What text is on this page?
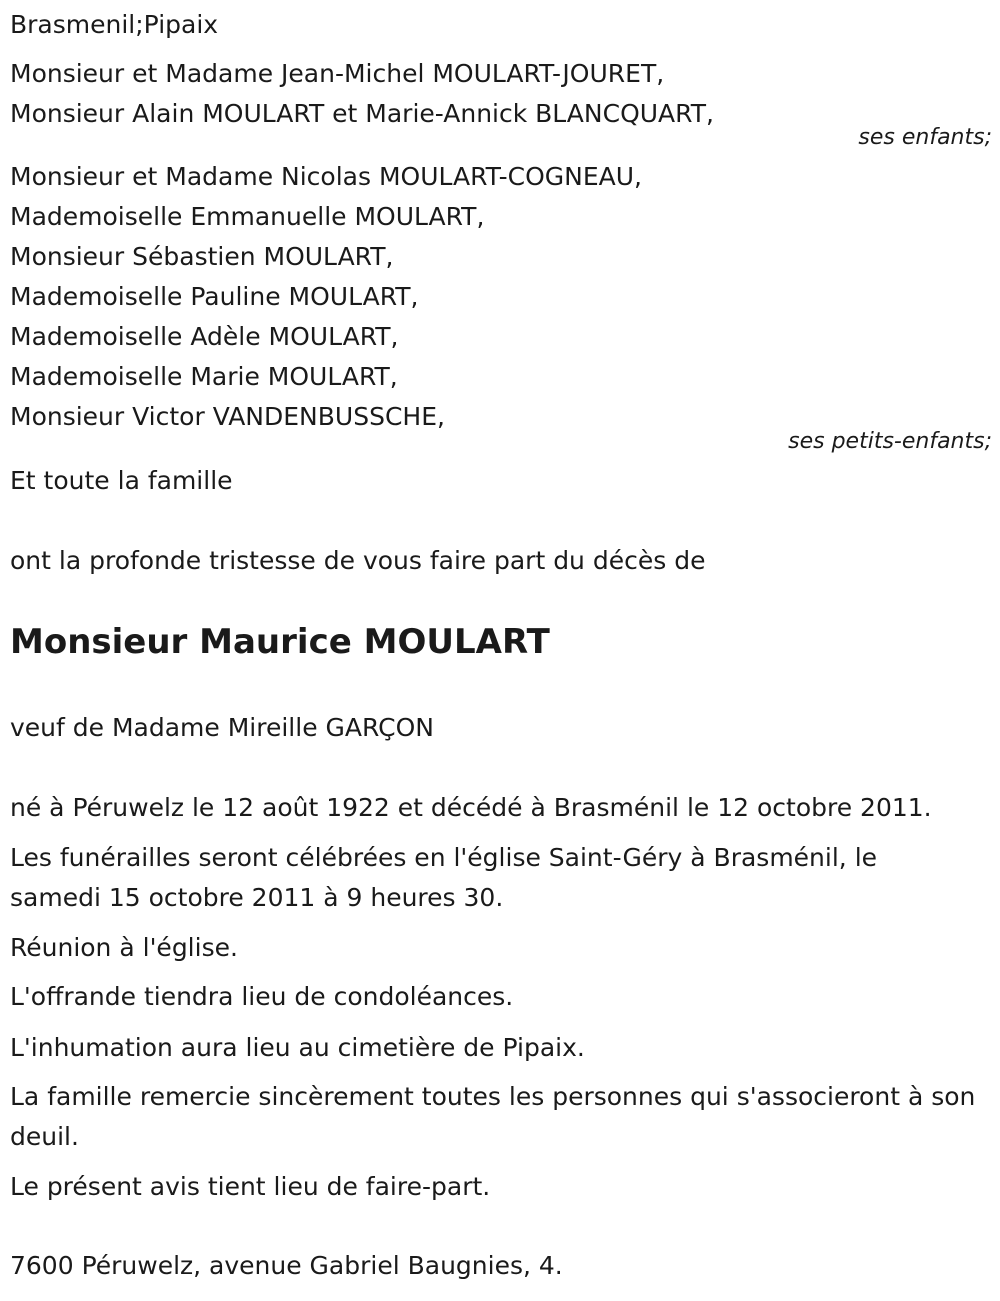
Brasmenil;Pipaix

Monsieur et Madame Jean-Michel MOULART-JOURET,

Monsieur Alain MOULART et Marie-Annick BLANCQUART,

ses enfants;

Monsieur et Madame Nicolas MOULART-COGNEAU,

Mademoiselle Emmanuelle MOULART,

Monsieur Sébastien MOULART,

Mademoiselle Pauline MOULART,

Mademoiselle Adèle MOULART,

Mademoiselle Marie MOULART,

Monsieur Victor VANDENBUSSCHE,

ses petits-enfants;

Et toute la famille

ont la profonde tristesse de vous faire part du décès de

Monsieur Maurice MOULART

veuf de Madame Mireille GARÇON

né à Péruwelz le 12 août 1922 et décédé à Brasménil le 12 octobre 2011.

Les funérailles seront célébrées en l'église Saint-Géry à Brasménil, le samedi 15 octobre 2011 à 9 heures 30.

Réunion à l'église.

L'offrande tiendra lieu de condoléances.

L'inhumation aura lieu au cimetière de Pipaix.

La famille remercie sincèrement toutes les personnes qui s'associeront à son deuil.

Le présent avis tient lieu de faire-part.

7600 Péruwelz, avenue Gabriel Baugnies, 4.
